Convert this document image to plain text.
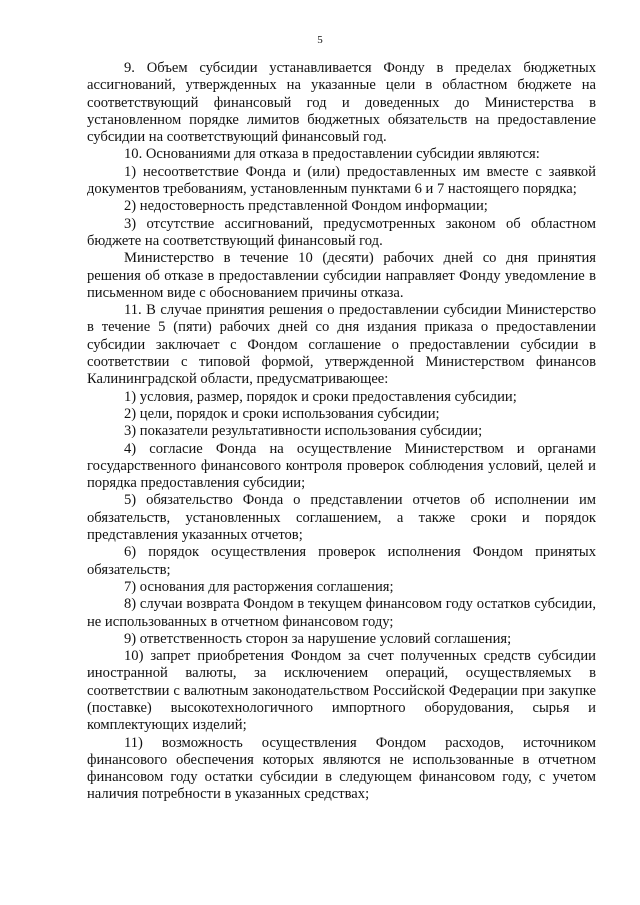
5

9. Объем субсидии устанавливается Фонду в пределах бюджетных ассигнований, утвержденных на указанные цели в областном бюджете на соответствующий финансовый год и доведенных до Министерства в установленном порядке лимитов бюджетных обязательств на предоставление субсидии на соответствующий финансовый год.

10. Основаниями для отказа в предоставлении субсидии являются:

1) несоответствие Фонда и (или) предоставленных им вместе с заявкой документов требованиям, установленным пунктами 6 и 7 настоящего порядка;

2) недостоверность представленной Фондом информации;

3) отсутствие ассигнований, предусмотренных законом об областном бюджете на соответствующий финансовый год.

Министерство в течение 10 (десяти) рабочих дней со дня принятия решения об отказе в предоставлении субсидии направляет Фонду уведомление в письменном виде с обоснованием причины отказа.

11. В случае принятия решения о предоставлении субсидии Министерство в течение 5 (пяти) рабочих дней со дня издания приказа о предоставлении субсидии заключает с Фондом соглашение о предоставлении субсидии в соответствии с типовой формой, утвержденной Министерством финансов Калининградской области, предусматривающее:

1) условия, размер, порядок и сроки предоставления субсидии;

2) цели, порядок и сроки использования субсидии;

3) показатели результативности использования субсидии;

4) согласие Фонда на осуществление Министерством и органами государственного финансового контроля проверок соблюдения условий, целей и порядка предоставления субсидии;

5) обязательство Фонда о представлении отчетов об исполнении им обязательств, установленных соглашением, а также сроки и порядок представления указанных отчетов;

6) порядок осуществления проверок исполнения Фондом принятых обязательств;

7) основания для расторжения соглашения;

8) случаи возврата Фондом в текущем финансовом году остатков субсидии, не использованных в отчетном финансовом году;

9) ответственность сторон за нарушение условий соглашения;

10) запрет приобретения Фондом за счет полученных средств субсидии иностранной валюты, за исключением операций, осуществляемых в соответствии с валютным законодательством Российской Федерации при закупке (поставке) высокотехнологичного импортного оборудования, сырья и комплектующих изделий;

11) возможность осуществления Фондом расходов, источником финансового обеспечения которых являются не использованные в отчетном финансовом году остатки субсидии в следующем финансовом году, с учетом наличия потребности в указанных средствах;
